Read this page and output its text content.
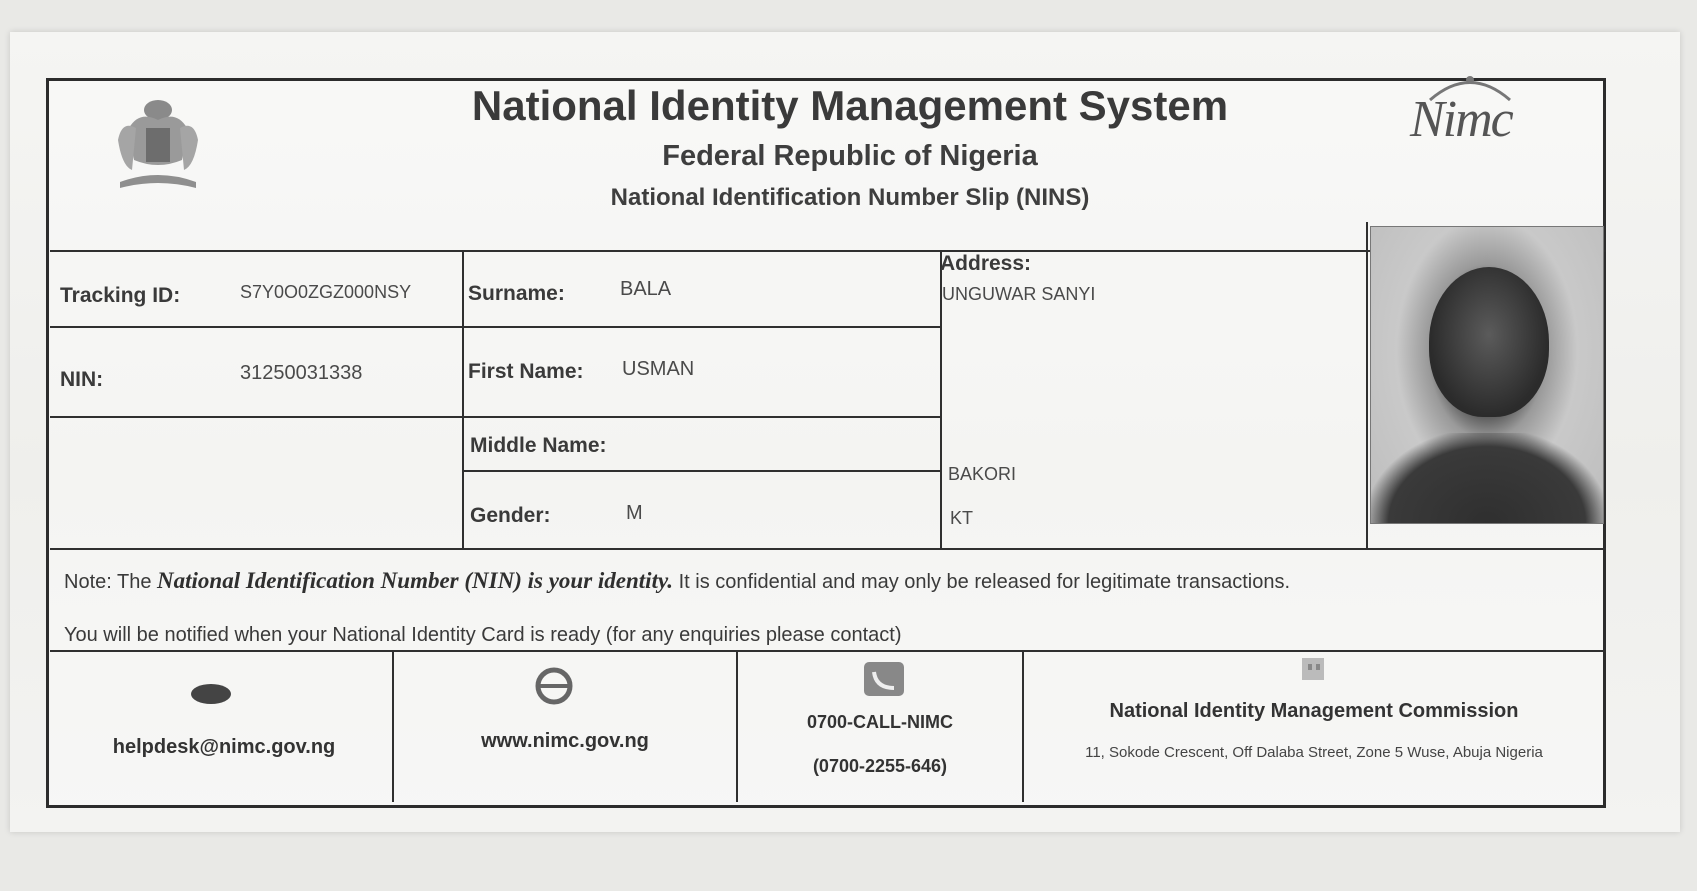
Nimc
National Identity Management System
Federal Republic of Nigeria
National Identification Number Slip (NINS)
Tracking ID:	S7Y0O0ZGZ000NSY
NIN:	31250031338
Surname:	BALA
First Name: USMAN
Middle Name:
Gender:	M
Address:
UNGUWAR SANYI
BAKORI
KT
Note: The National Identification Number (NIN) is your identity. It is confidential and may only be released for legitimate transactions.
You will be notified when your National Identity Card is ready (for any enquiries please contact)
helpdesk@nimc.gov.ng	www.nimc.gov.ng
0700-CALL-NIMC
(0700-2255-646)
National Identity Management Commission
11, Sokode Crescent, Off Dalaba Street, Zone 5 Wuse, Abuja Nigeria
